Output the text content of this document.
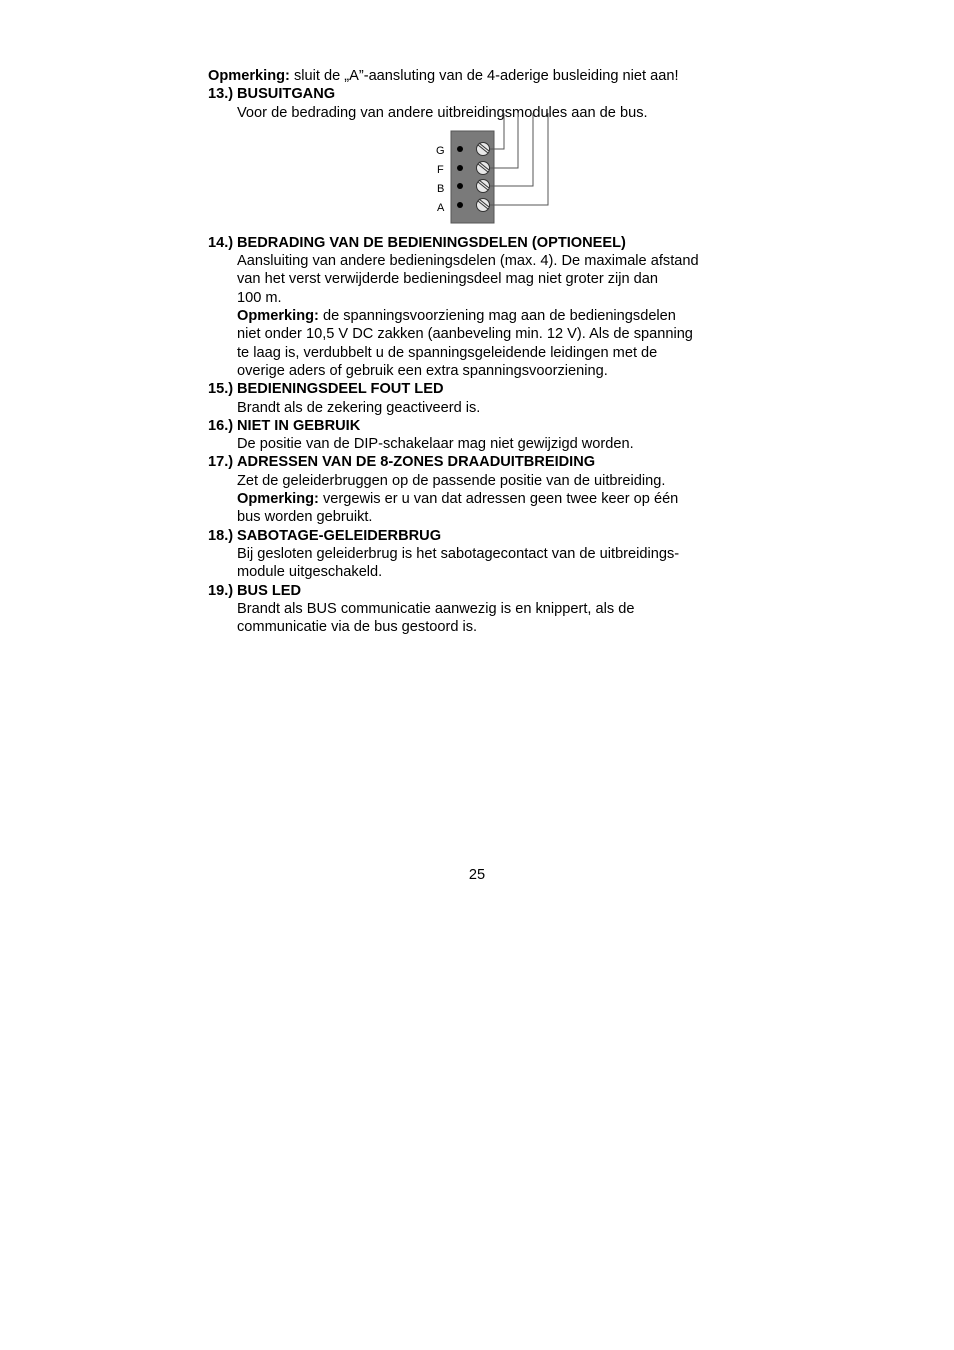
Opmerking: sluit de „A”-aansluting van de 4-aderige busleiding niet aan!
13.) BUSUITGANG
Voor de bedrading van andere uitbreidingsmodules aan de bus.
G
F
B
A
14.) BEDRADING VAN DE BEDIENINGSDELEN (OPTIONEEL)
Aansluiting van andere bedieningsdelen (max. 4). De maximale afstand
van het verst verwijderde bedieningsdeel mag niet groter zijn dan
100 m.
Opmerking: de spanningsvoorziening mag aan de bedieningsdelen
niet onder 10,5 V DC zakken (aanbeveling min. 12 V). Als de spanning
te laag is, verdubbelt u de spanningsgeleidende leidingen met de
overige aders of gebruik een extra spanningsvoorziening.
15.) BEDIENINGSDEEL FOUT LED
Brandt als de zekering geactiveerd is.
16.) NIET IN GEBRUIK
De positie van de DIP-schakelaar mag niet gewijzigd worden.
17.) ADRESSEN VAN DE 8-ZONES DRAADUITBREIDING
Zet de geleiderbruggen op de passende positie van de uitbreiding.
Opmerking: vergewis er u van dat adressen geen twee keer op één
bus worden gebruikt.
18.) SABOTAGE-GELEIDERBRUG
Bij gesloten geleiderbrug is het sabotagecontact van de uitbreidings-
module uitgeschakeld.
19.) BUS LED
Brandt als BUS communicatie aanwezig is en knippert, als de
communicatie via de bus gestoord is.
25
